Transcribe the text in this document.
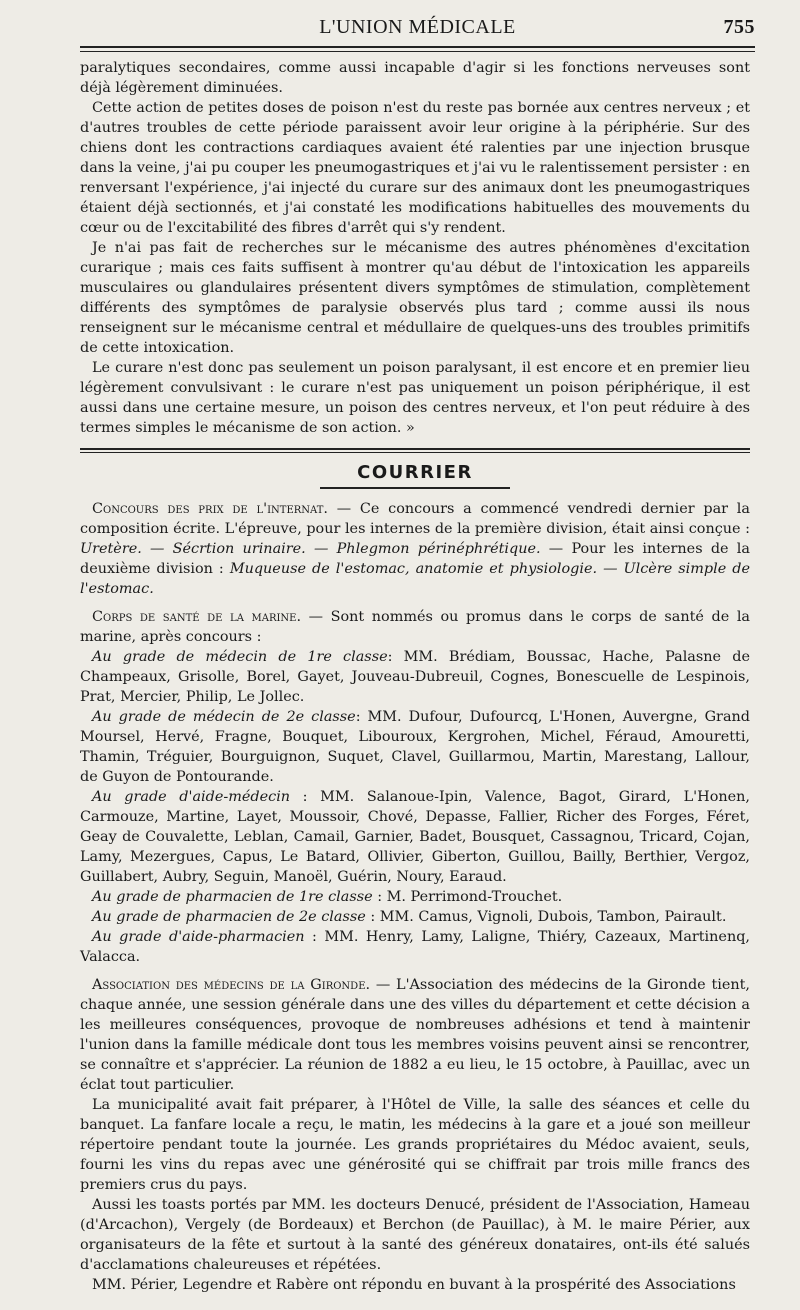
L'UNION MÉDICALE	755

paralytiques secondaires, comme aussi incapable d'agir si les fonctions nerveuses sont déjà légèrement diminuées.

Cette action de petites doses de poison n'est du reste pas bornée aux centres nerveux ; et d'autres troubles de cette période paraissent avoir leur origine à la périphérie. Sur des chiens dont les contractions cardiaques avaient été ralenties par une injection brusque dans la veine, j'ai pu couper les pneumogastriques et j'ai vu le ralentissement persister : en renversant l'expérience, j'ai injecté du curare sur des animaux dont les pneumogastriques étaient déjà sectionnés, et j'ai constaté les modifications habituelles des mouvements du cœur ou de l'excitabilité des fibres d'arrêt qui s'y rendent.

Je n'ai pas fait de recherches sur le mécanisme des autres phénomènes d'excitation curarique ; mais ces faits suffisent à montrer qu'au début de l'intoxication les appareils musculaires ou glandulaires présentent divers symptômes de stimulation, complètement différents des symptômes de paralysie observés plus tard ; comme aussi ils nous renseignent sur le mécanisme central et médullaire de quelques-uns des troubles primitifs de cette intoxication.

Le curare n'est donc pas seulement un poison paralysant, il est encore et en premier lieu légèrement convulsivant : le curare n'est pas uniquement un poison périphérique, il est aussi dans une certaine mesure, un poison des centres nerveux, et l'on peut réduire à des termes simples le mécanisme de son action. »

COURRIER

Concours des prix de l'internat. — Ce concours a commencé vendredi dernier par la composition écrite. L'épreuve, pour les internes de la première division, était ainsi conçue : Uretère. — Sécrtion urinaire. — Phlegmon périnéphrétique. — Pour les internes de la deuxième division : Muqueuse de l'estomac, anatomie et physiologie. — Ulcère simple de l'estomac.

Corps de santé de la marine. — Sont nommés ou promus dans le corps de santé de la marine, après concours :

Au grade de médecin de 1re classe: MM. Brédiam, Boussac, Hache, Palasne de Champeaux, Grisolle, Borel, Gayet, Jouveau-Dubreuil, Cognes, Bonescuelle de Lespinois, Prat, Mercier, Philip, Le Jollec.

Au grade de médecin de 2e classe: MM. Dufour, Dufourcq, L'Honen, Auvergne, Grand Moursel, Hervé, Fragne, Bouquet, Libouroux, Kergrohen, Michel, Féraud, Amouretti, Thamin, Tréguier, Bourguignon, Suquet, Clavel, Guillarmou, Martin, Marestang, Lallour, de Guyon de Pontourande.

Au grade d'aide-médecin : MM. Salanoue-Ipin, Valence, Bagot, Girard, L'Honen, Carmouze, Martine, Layet, Moussoir, Chové, Depasse, Fallier, Richer des Forges, Féret, Geay de Couvalette, Leblan, Camail, Garnier, Badet, Bousquet, Cassagnou, Tricard, Cojan, Lamy, Mezergues, Capus, Le Batard, Ollivier, Giberton, Guillou, Bailly, Berthier, Vergoz, Guillabert, Aubry, Seguin, Manoël, Guérin, Noury, Earaud.

Au grade de pharmacien de 1re classe : M. Perrimond-Trouchet.

Au grade de pharmacien de 2e classe : MM. Camus, Vignoli, Dubois, Tambon, Pairault.

Au grade d'aide-pharmacien : MM. Henry, Lamy, Laligne, Thiéry, Cazeaux, Martinenq, Valacca.

Association des médecins de la Gironde. — L'Association des médecins de la Gironde tient, chaque année, une session générale dans une des villes du département et cette décision a les meilleures conséquences, provoque de nombreuses adhésions et tend à maintenir l'union dans la famille médicale dont tous les membres voisins peuvent ainsi se rencontrer, se connaître et s'apprécier. La réunion de 1882 a eu lieu, le 15 octobre, à Pauillac, avec un éclat tout particulier.

La municipalité avait fait préparer, à l'Hôtel de Ville, la salle des séances et celle du banquet. La fanfare locale a reçu, le matin, les médecins à la gare et a joué son meilleur répertoire pendant toute la journée. Les grands propriétaires du Médoc avaient, seuls, fourni les vins du repas avec une générosité qui se chiffrait par trois mille francs des premiers crus du pays.

Aussi les toasts portés par MM. les docteurs Denucé, président de l'Association, Hameau (d'Arcachon), Vergely (de Bordeaux) et Berchon (de Pauillac), à M. le maire Périer, aux organisateurs de la fête et surtout à la santé des généreux donataires, ont-ils été salués d'acclamations chaleureuses et répétées.

MM. Périer, Legendre et Rabère ont répondu en buvant à la prospérité des Associations
